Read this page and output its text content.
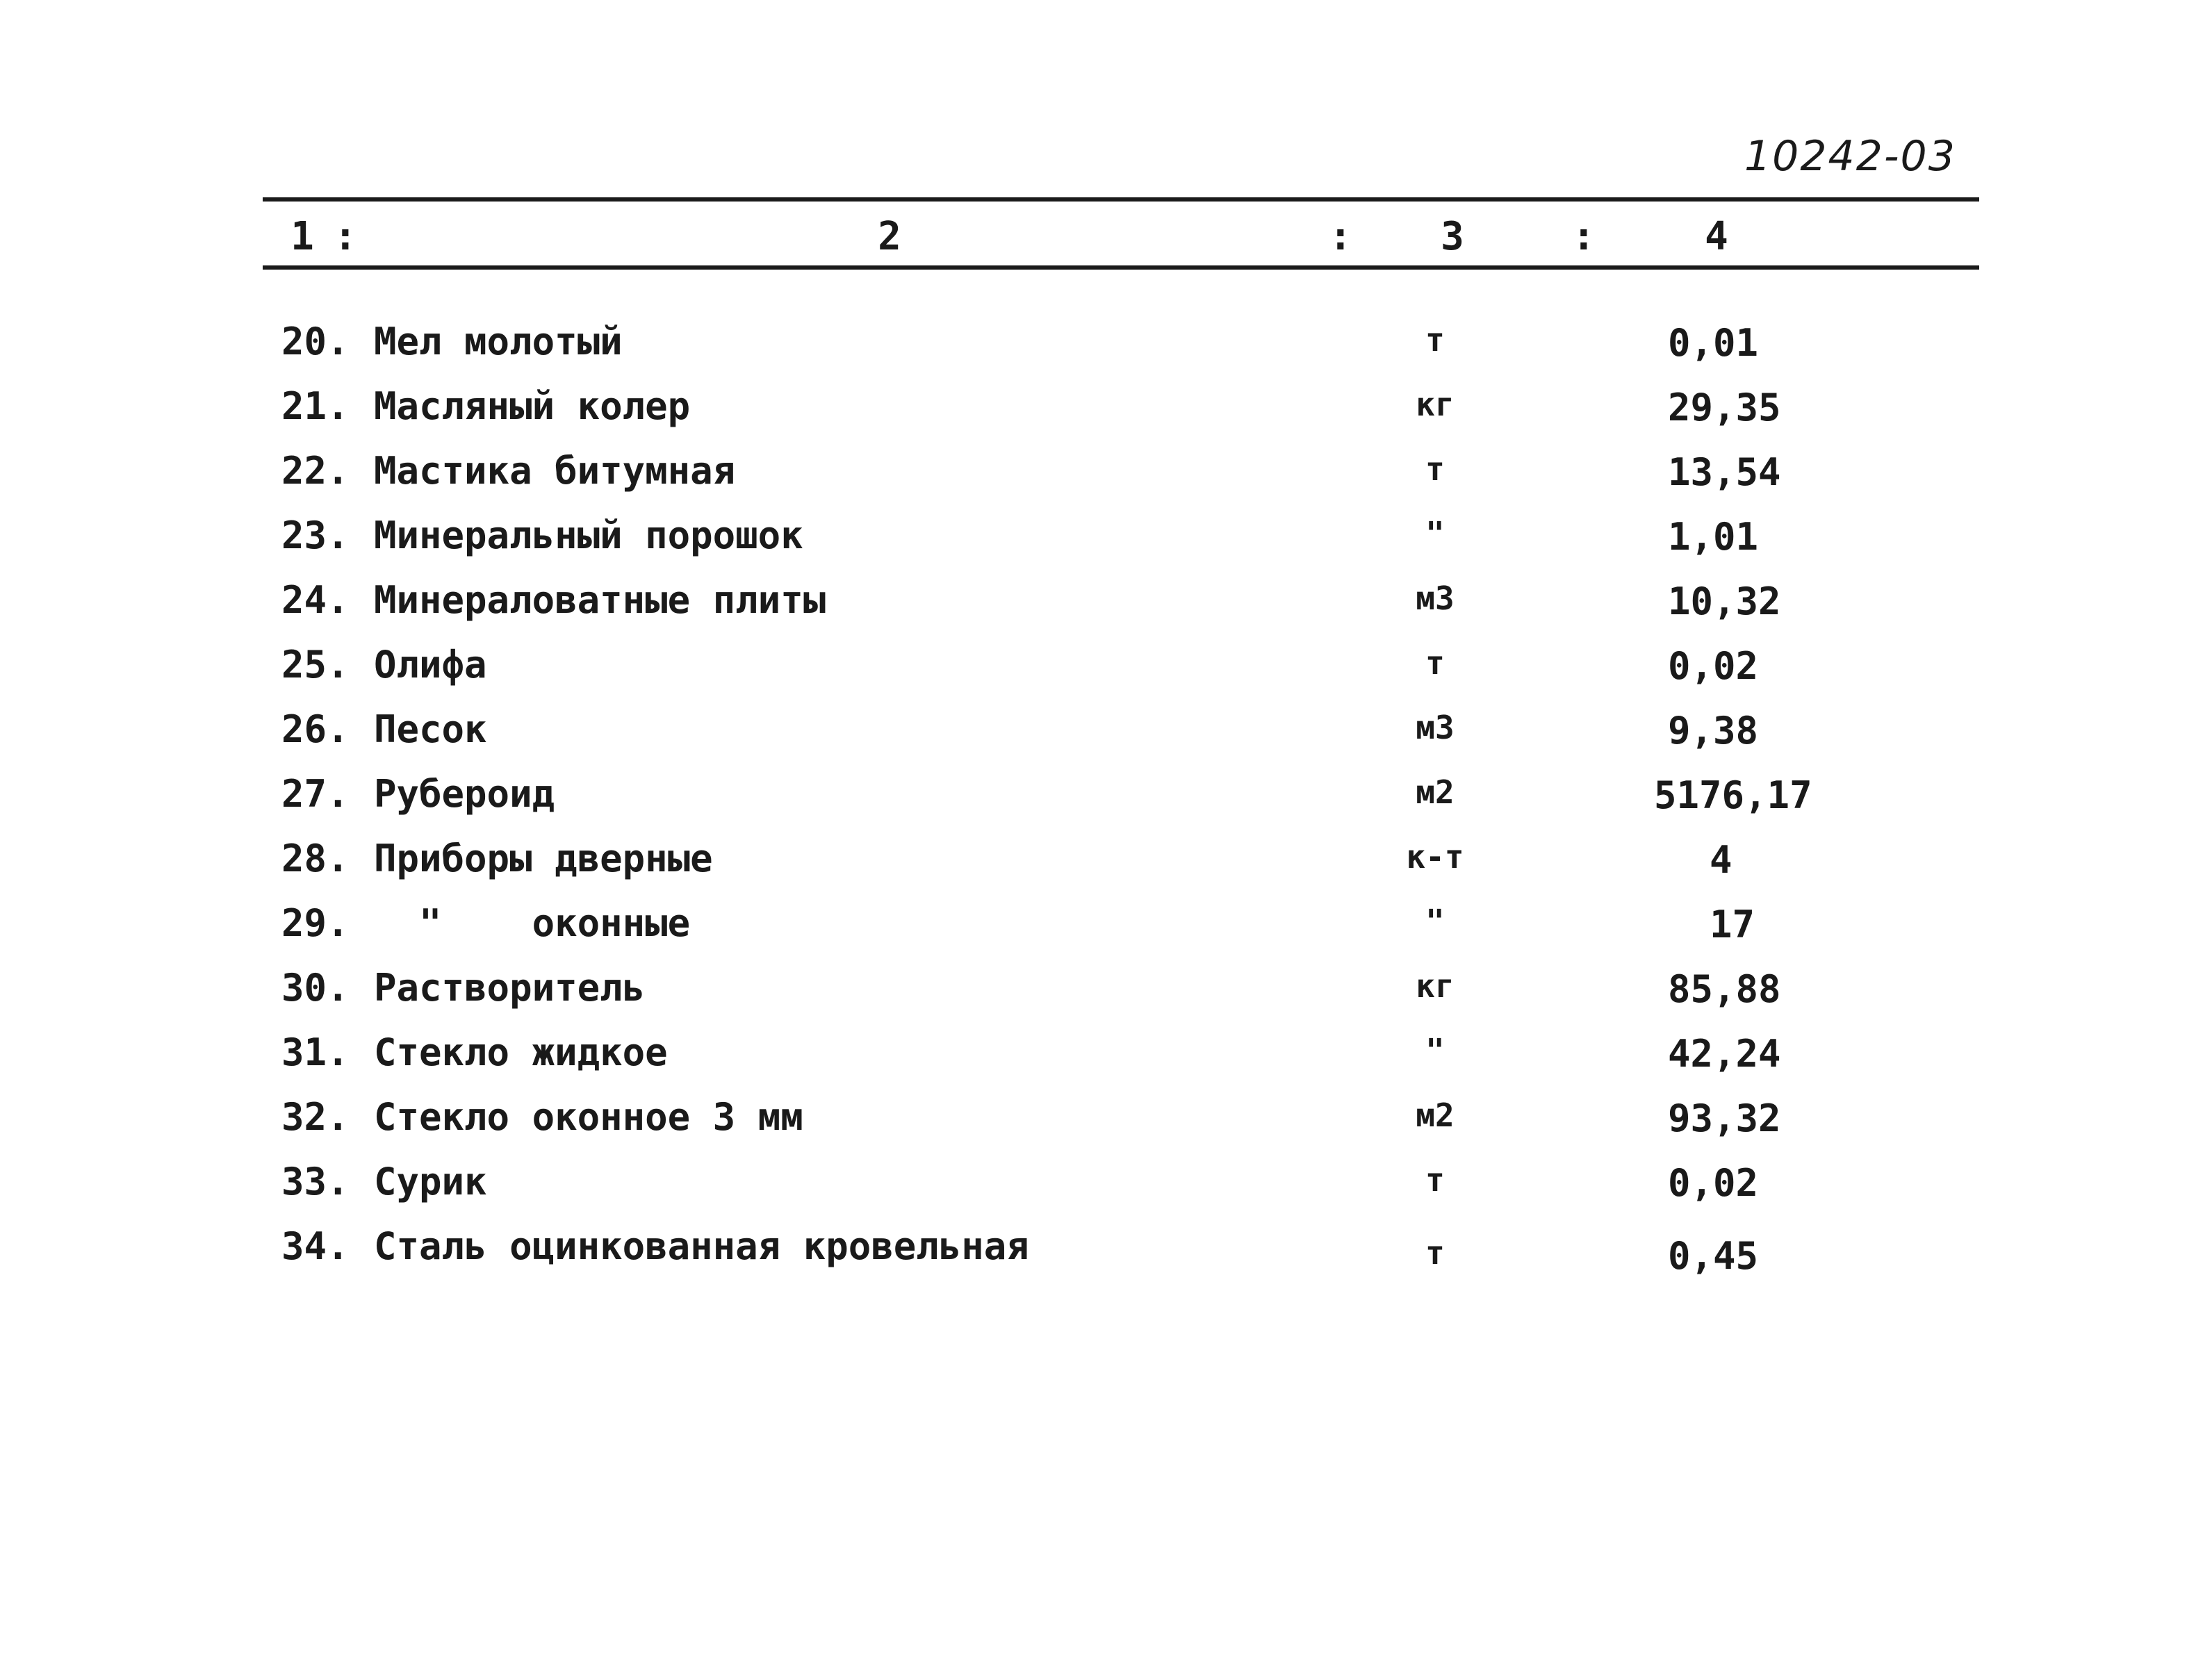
10242-03
1 :	2	:	3	:	4
20. Мел молотый	т	0,01
21. Масляный колер	кг	29,35
22. Мастика битумная	т	13,54
23. Минеральный порошок	"	1,01
24. Минераловатные плиты	м3	10,32
25. Олифа	т	0,02
26. Песок	м3	9,38
27. Рубероид	м2	5176,17
28. Приборы дверные	к-т	4
29. "    оконные	"	17
30. Растворитель	кг	85,88
31. Стекло жидкое	"	42,24
32. Стекло оконное 3 мм	м2	93,32
33. Сурик	т	0,02
34. Сталь оцинкованная кровельная	т	0,45
